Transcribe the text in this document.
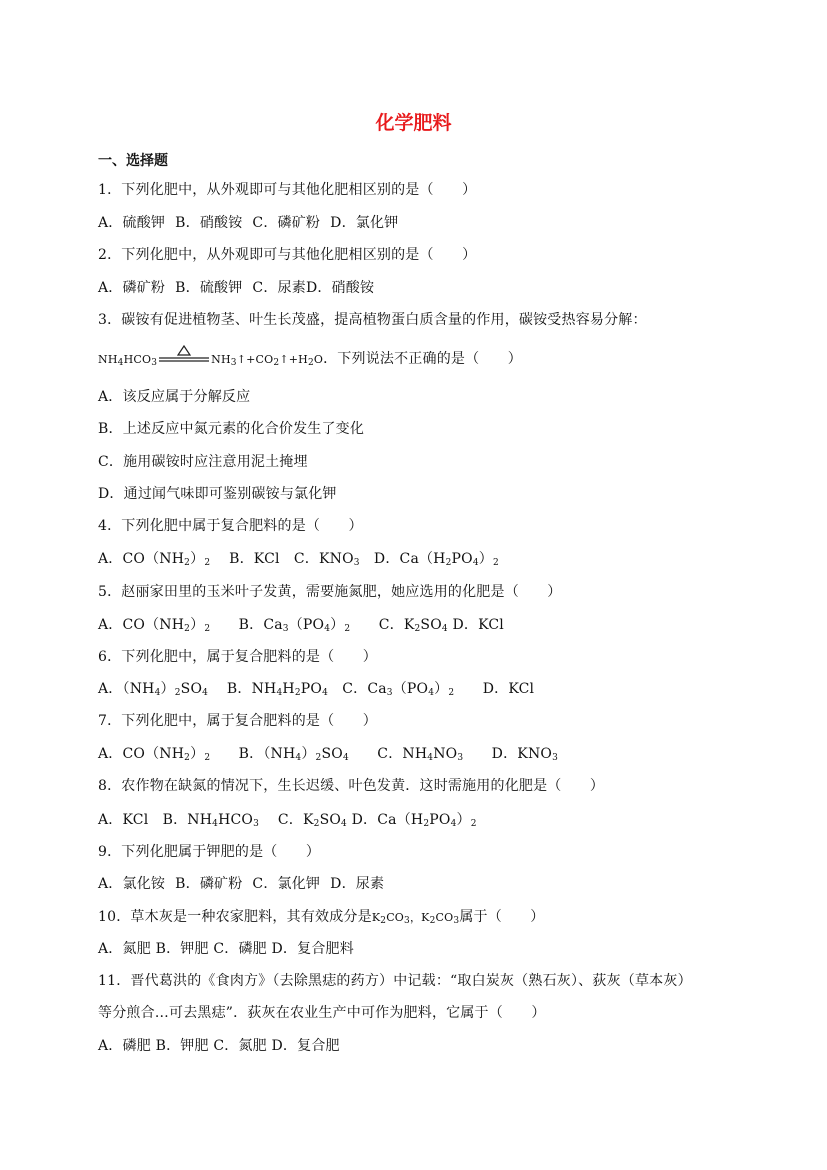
化学肥料
一、选择题
1．下列化肥中，从外观即可与其他化肥相区别的是（　　）
A．硫酸钾 B．硝酸铵 C．磷矿粉 D．氯化钾
2．下列化肥中，从外观即可与其他化肥相区别的是（　　）
A．磷矿粉 B．硫酸钾 C．尿素D．硝酸铵
3．碳铵有促进植物茎、叶生长茂盛，提高植物蛋白质含量的作用，碳铵受热容易分解：
$NH_4HCO_3$	$NH_3↑+CO_2↑+H_2O$．下列说法不正确的是（　　）
A．该反应属于分解反应
B．上述反应中氮元素的化合价发生了变化
C．施用碳铵时应注意用泥土掩埋
D．通过闻气味即可鉴别碳铵与氯化钾
4．下列化肥中属于复合肥料的是（　　）
A．$CO(NH_2)_2$　 B．KCl　C．$KNO_3$　D．$Ca(H_2PO_4)_2$
5．赵丽家田里的玉米叶子发黄，需要施氮肥，她应选用的化肥是（　　）
A．$CO(NH_2)_2$　　B．$Ca_3(PO_4)_2$　　C．$K_2SO_4$ D．KCl
6．下列化肥中，属于复合肥料的是（　　）
A．$(NH_4)_2SO_4$　 B．$NH_4H_2PO_4$　C．$Ca_3(PO_4)_2$　　D．KCl
7．下列化肥中，属于复合肥料的是（　　）
A．$CO(NH_2)_2$　　B．$(NH_4)_2SO_4$　　C．$NH_4NO_3$　　D．$KNO_3$
8．农作物在缺氮的情况下，生长迟缓、叶色发黄．这时需施用的化肥是（　　）
A．KCl　B．$NH_4HCO_3$　 C．$K_2SO_4$ D．$Ca(H_2PO_4)_2$
9．下列化肥属于钾肥的是（　　）
A．氯化铵 B．磷矿粉 C．氯化钾 D．尿素
10．草木灰是一种农家肥料，其有效成分是$K_2CO_3$，$K_2CO_3$属于（　　）
A．氮肥 B．钾肥 C．磷肥 D．复合肥料
11．晋代葛洪的《食肉方》（去除黑痣的药方）中记载：“取白炭灰（熟石灰）、荻灰（草本灰）
等分煎合…可去黑痣”．荻灰在农业生产中可作为肥料，它属于（　　）
A．磷肥 B．钾肥 C．氮肥 D．复合肥
